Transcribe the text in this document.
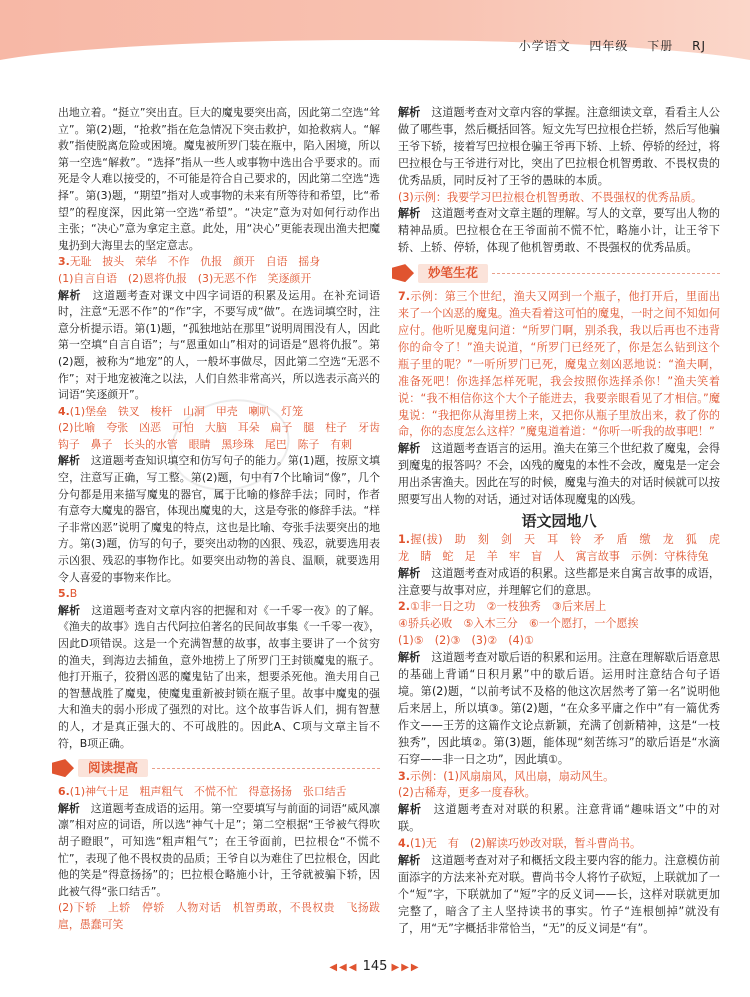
小学语文 四年级 下册 RJ

出地立着。“挺立”突出直。巨大的魔鬼要突出高，因此第二空选“耸立”。第(2)题，“抢救”指在危急情况下突击救护，如抢救病人。“解救”指使脱离危险或困境。魔鬼被所罗门装在瓶中，陷入困境，所以第一空选“解救”。“选择”指从一些人或事物中选出合乎要求的。而死是令人难以接受的，不可能是符合自己要求的，因此第二空选“选择”。第(3)题，“期望”指对人或事物的未来有所等待和希望，比“希望”的程度深，因此第一空选“希望”。“决定”意为对如何行动作出主张；“决心”意为拿定主意。此处，用“决心”更能表现出渔夫把魔鬼扔到大海里去的坚定意志。

3.无耻　披头　荣华　不作　仇报　颜开　自语　摇身

(1)自言自语　(2)恩将仇报　(3)无恶不作　笑逐颜开

解析　 这道题考查对课文中四字词语的积累及运用。在补充词语时，注意“无恶不作”的“作”字，不要写成“做”。在选词填空时，注意分析提示语。第(1)题，“孤独地站在那里”说明周围没有人，因此第一空填“自言自语”；与“恩重如山”相对的词语是“恩将仇报”。第(2)题，被称为“地宠”的人，一般坏事做尽，因此第二空选“无恶不作”；对于地宠被淹之以法，人们自然非常高兴，所以选表示高兴的词语“笑逐颜开”。

4.(1)堡垒　铁叉　梭杆　山洞　甲壳　喇叭　灯笼

(2)比喻　夸张　凶恶　可怕　大脑　耳朵　扁子　腿　柱子　牙齿　钩子　鼻子　长头的水管　眼睛　黑珍珠　尾巴　陈子　有刺

解析　 这道题考查知识填空和仿写句子的能力。第(1)题，按原文填空，注意写正确，写工整。第(2)题，句中有7个比喻词“像”，几个分句都是用来描写魔鬼的器官，属于比喻的修辞手法；同时，作者有意夸大魔鬼的器官，体现出魔鬼的大，这是夸张的修辞手法。“样子非常凶恶”说明了魔鬼的特点，这也是比喻、夸张手法要突出的地方。第(3)题，仿写的句子，要突出动物的凶狠、残忍，就要选用表示凶狠、残忍的事物作比。如要突出动物的善良、温顺，就要选用令人喜爱的事物来作比。

5.B

解析　 这道题考查对文章内容的把握和对《一千零一夜》的了解。《渔夫的故事》选自古代阿拉伯著名的民间故事集《一千零一夜》，因此D项错误。这是一个充满智慧的故事，故事主要讲了一个贫穷的渔夫，到海边去捕鱼，意外地捞上了所罗门王封锁魔鬼的瓶子。他打开瓶子，狡猾凶恶的魔鬼钻了出来，想要杀死他。渔夫用自己的智慧战胜了魔鬼，使魔鬼重新被封锁在瓶子里。故事中魔鬼的强大和渔夫的弱小形成了强烈的对比。这个故事告诉人们，拥有智慧的人，才是真正强大的、不可战胜的。因此A、C项与文章主旨不符，B项正确。

阅读提高

6.(1)神气十足　粗声粗气　不慌不忙　得意扬扬　张口结舌

解析　 这道题考查成语的运用。第一空要填写与前面的词语“威风凛凛”相对应的词语，所以选“神气十足”；第二空根据“王爷被气得吹胡子瞪眼”，可知选“粗声粗气”；在王爷面前，巴拉根仓“不慌不忙”，表现了他不畏权贵的品质；王爷自以为难住了巴拉根仓，因此他的笑是“得意扬扬”的；巴拉根仓略施小计，王爷就被骗下轿，因此被气得“张口结舌”。

(2)下轿　上轿　停轿　人物对话　机智勇敢，不畏权贵　飞扬跋扈，愚蠢可笑

解析　 这道题考查对文章内容的掌握。注意细读文章，看看主人公做了哪些事，然后概括回答。短文先写巴拉根仓拦轿，然后写他骗王爷下轿，接着写巴拉根仓骗王爷再下轿、上轿、停轿的经过，将巴拉根仓与王爷进行对比，突出了巴拉根仓机智勇敢、不畏权贵的优秀品质，同时反衬了王爷的愚昧的本质。

(3)示例：我要学习巴拉根仓机智勇敢、不畏强权的优秀品质。

解析　 这道题考查对文章主题的理解。写人的文章，要写出人物的精神品质。巴拉根仓在王爷面前不慌不忙，略施小计，让王爷下轿、上轿、停轿，体现了他机智勇敢、不畏强权的优秀品质。

妙笔生花

7.示例：第三个世纪，渔夫又网到一个瓶子，他打开后，里面出来了一个凶恶的魔鬼。渔夫看着这可怕的魔鬼，一时之间不知如何应付。他听见魔鬼问道：“所罗门啊，别杀我，我以后再也不违背你的命令了！”渔夫说道，“所罗门已经死了，你是怎么钻到这个瓶子里的呢？”一听所罗门已死，魔鬼立刻凶恶地说：“渔夫啊，准备死吧！你选择怎样死呢，我会按照你选择杀你！”渔夫笑着说：“我不相信你这个大个子能进去，我要亲眼看见了才相信。”魔鬼说：“我把你从海里捞上来，又把你从瓶子里放出来，救了你的命，你的态度怎么这样？”魔鬼道着道：“你听一听我的故事吧！”

解析　 这道题考查语言的运用。渔夫在第三个世纪救了魔鬼，会得到魔鬼的报答吗？不会，凶残的魔鬼的本性不会改，魔鬼是一定会用出杀害渔夫。因此在写的时候，魔鬼与渔夫的对话时候就可以按照要写出人物的对话，通过对话体现魔鬼的凶残。

语文园地八

1.握(拔)　助　刻　剑　天　耳　铃　矛　盾　缴　龙　狐　虎　龙　睛　蛇　足　羊　牢　盲　人　寓言故事　示例：守株待兔

解析　 这道题考查对成语的积累。这些都是来自寓言故事的成语，注意要与故事对应，并理解它们的意思。

2.①非一日之功　②一枝独秀　③后来居上

④骄兵必败　⑤入木三分　⑥一个愿打，一个愿挨

(1)⑤　(2)③　(3)②　(4)①

解析　 这道题考查对歇后语的积累和运用。注意在理解歇后语意思的基础上背诵“日积月累”中的歇后语。运用时注意结合句子语境。第(2)题，“以前考试不及格的他这次居然考了第一名”说明他后来居上，所以填③。第(2)题，“在众多平庸之作中”有一篇优秀作文——王芳的这篇作文论点新颖，充满了创新精神，这是“一枝独秀”，因此填②。第(3)题，能体现“刻苦练习”的歇后语是“水滴石穿——非一日之功”，因此填①。

3.示例：(1)风扇扇风，风出扇，扇动风生。

(2)古稀寿，更多一度春秋。

解析　 这道题考查对对联的积累。注意背诵“趣味语文”中的对联。

4.(1)无　有　(2)解读巧妙改对联，暂斗曹尚书。

解析　 这道题考查对对子和概括文段主要内容的能力。注意模仿前面添字的方法来补充对联。曹尚书令人将竹子砍短，上联就加了一个“短”字，下联就加了“短”字的反义词——长，这样对联就更加完整了，暗含了主人坚持读书的事实。竹子“连根刨掉”就没有了，用“无”字概括非常恰当，“无”的反义词是“有”。

◀◀◀ 145 ▶▶▶
